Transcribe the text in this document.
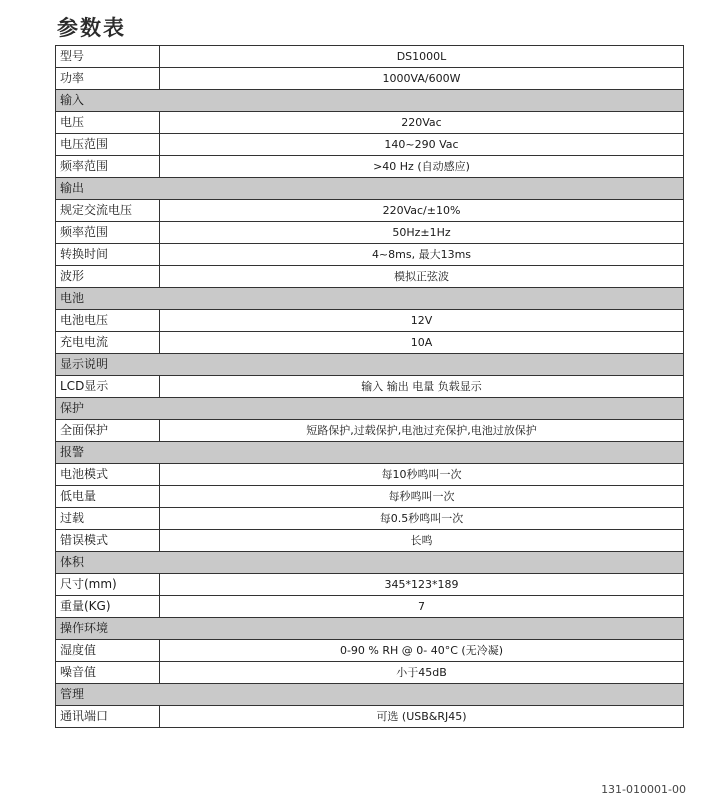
参数表
型号	DS1000L
功率	1000VA/600W
输入	
电压	220Vac
电压范围	140~290 Vac
频率范围	>40 Hz (自动感应)
输出	
规定交流电压	220Vac/±10%
频率范围	50Hz±1Hz
转换时间	4~8ms, 最大13ms
波形	模拟正弦波
电池	
电池电压	12V
充电电流	10A
显示说明	
LCD显示	输入 输出 电量 负载显示
保护	
全面保护	短路保护,过载保护,电池过充保护,电池过放保护
报警	
电池模式	每10秒鸣叫一次
低电量	每秒鸣叫一次
过载	每0.5秒鸣叫一次
错误模式	长鸣
体积	
尺寸(mm)	345*123*189
重量(KG)	7
操作环境	
湿度值	0-90 % RH @ 0- 40°C (无冷凝)
噪音值	小于45dB
管理	
通讯端口	可选 (USB&RJ45)
131-010001-00
